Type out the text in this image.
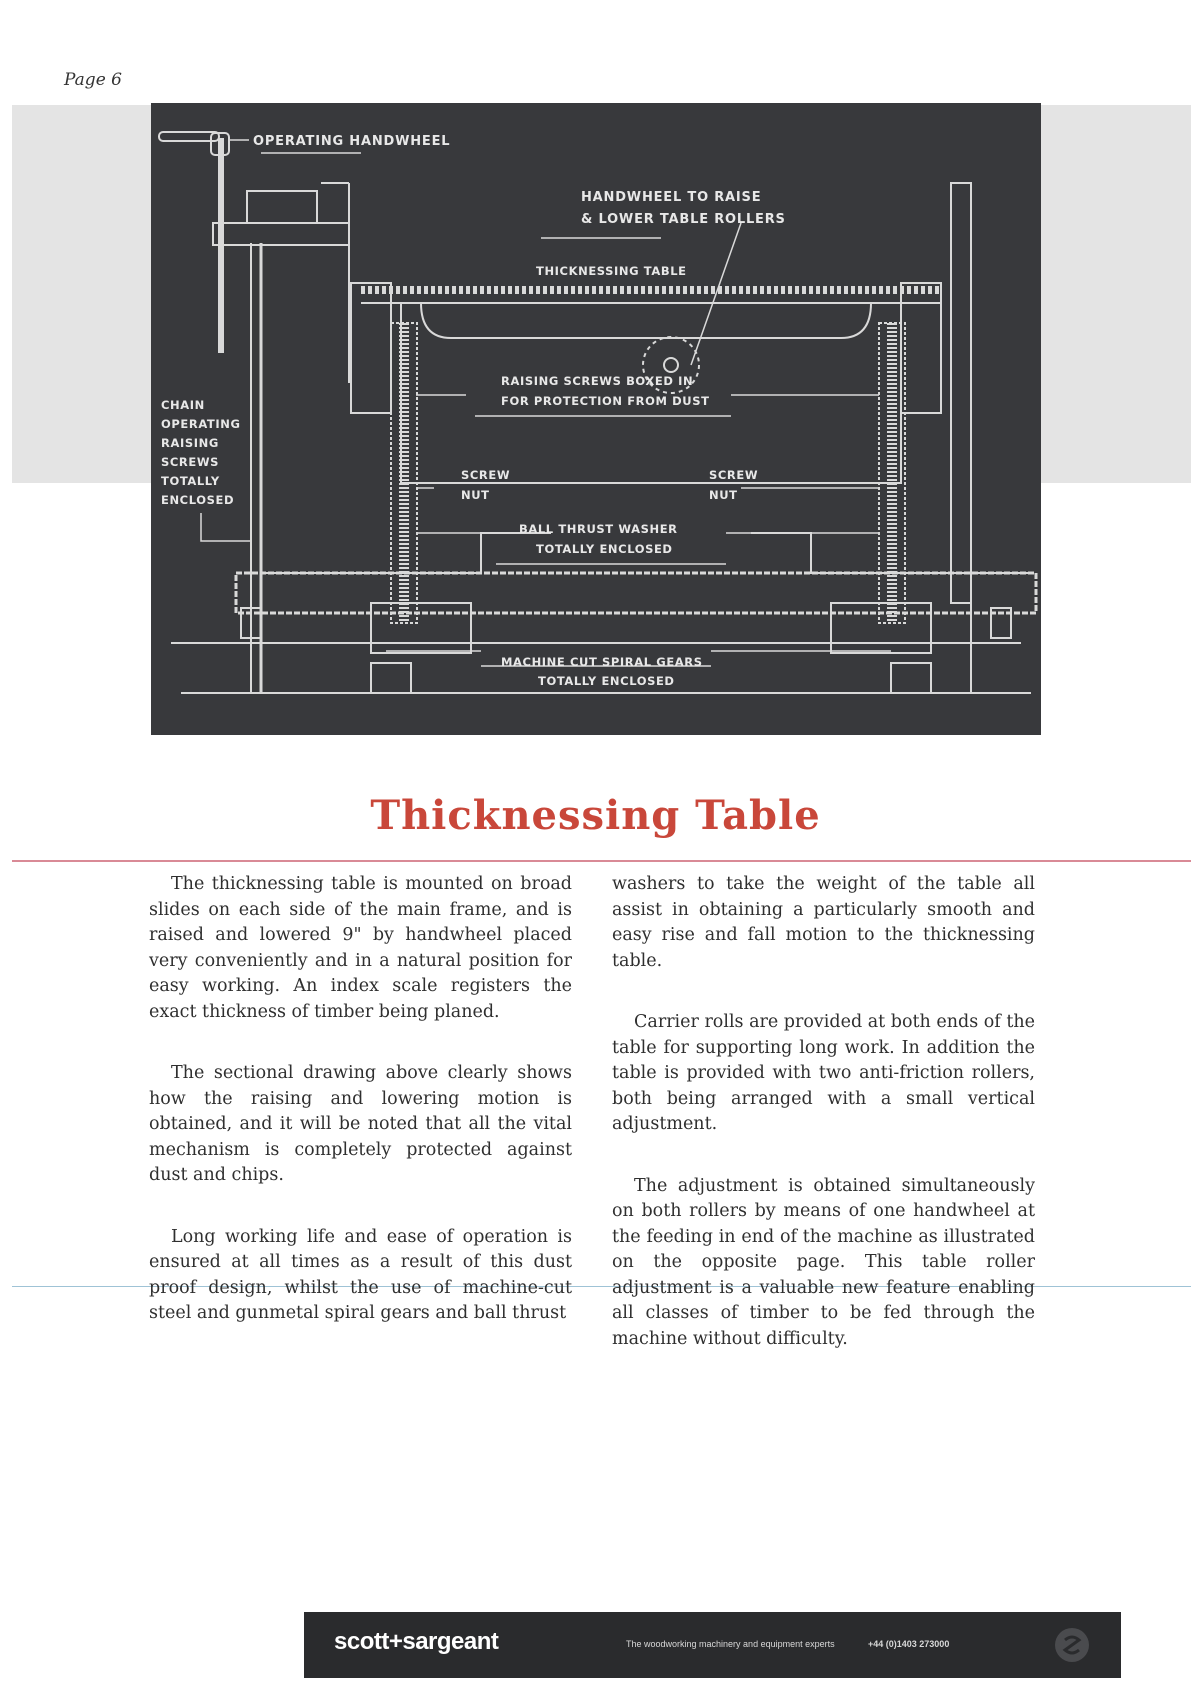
Page 6
OPERATING HANDWHEEL
HANDWHEEL TO RAISE
& LOWER TABLE ROLLERS
THICKNESSING TABLE
RAISING SCREWS BOXED IN
FOR PROTECTION FROM DUST
CHAIN
OPERATING
RAISING
SCREWS
TOTALLY
ENCLOSED
SCREW
NUT
SCREW
NUT
BALL THRUST WASHER
TOTALLY ENCLOSED
MACHINE CUT SPIRAL GEARS
TOTALLY ENCLOSED
Thicknessing Table

The thicknessing table is mounted on broad slides on each side of the main frame, and is raised and lowered 9" by handwheel placed very conveniently and in a natural position for easy working. An index scale registers the exact thickness of timber being planed.

The sectional drawing above clearly shows how the raising and lowering motion is obtained, and it will be noted that all the vital mechanism is completely protected against dust and chips.

Long working life and ease of operation is ensured at all times as a result of this dust proof design, whilst the use of machine-cut steel and gunmetal spiral gears and ball thrust

washers to take the weight of the table all assist in obtaining a particularly smooth and easy rise and fall motion to the thicknessing table.

Carrier rolls are provided at both ends of the table for supporting long work. In addition the table is provided with two anti-friction rollers, both being arranged with a small vertical adjustment.

The adjustment is obtained simultaneously on both rollers by means of one handwheel at the feeding in end of the machine as illustrated on the opposite page. This table roller adjustment is a valuable new feature enabling all classes of timber to be fed through the machine without difficulty.

scott+sargeant	The woodworking machinery and equipment experts	+44 (0)1403 273000
